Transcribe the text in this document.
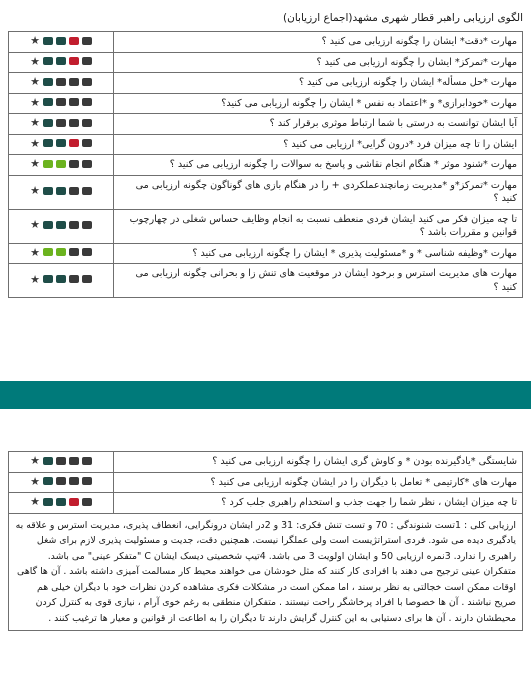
الگوی ارزیابی راهبر قطار شهری مشهد(اجماع ارزیابان)
مهارت *دقت* ایشان را چگونه ارزیابی می کنید ؟	★

مهارت *تمرکز* ایشان را چگونه ارزیابی می کنید ؟	★

مهارت *حل مسأله* ایشان را چگونه ارزیابی می کنید ؟	★

مهارت *خودابرازی* و *اعتماد به نفس * ایشان را چگونه ارزیابی می کنید؟	★

آیا ایشان توانست به درستی با شما ارتباط موثری برقرار کند ؟	★

ایشان را تا چه میزان فرد *درون گرایی* ارزیابی می کنید ؟	★

مهارت *شنود موثر * هنگام انجام نقاشی و پاسخ به سوالات را چگونه ارزیابی می کنید ؟	★

مهارت *تمرکز*و *مدیریت زمانچندعملکردی + را در هنگام بازی های گوناگون چگونه ارزیابی می کنید ؟	★

تا چه میزان فکر می کنید ایشان فردی منعطف نسبت به انجام وظایف حساس شغلی در چهارچوب قوانین و مقررات باشد ؟	★

مهارت *وظیفه شناسی * و *مسئولیت پذیری * ایشان را چگونه ارزیابی می کنید ؟	★

مهارت های مدیریت استرس و برخود ایشان در موقعیت های تنش زا و بحرانی چگونه ارزیابی می کنید ؟	★
شایستگی *یادگیرنده بودن * و کاوش گری ایشان را چگونه ارزیابی می کنید ؟	★

مهارت های *کارتیمی * تعامل با دیگران را در ایشان چگونه ارزیابی می کنید ؟	★

تا چه میزان ایشان ، نظر شما را جهت جذب و استخدام راهبری جلب کرد ؟	★

ارزیابی کلی : 1تست شنوندگی : 70 و تست تنش فکری: 31 و 2در ایشان درونگرایی، انعطاف پذیری، مدیریت استرس و علاقه به یادگیری دیده می شود. فردی استراتژیست است ولی عملگرا نیست. همچنین دقت، جدیت و مسئولیت پذیری لازم برای شغل راهبری را ندارد. 3نمره ارزیابی 50 و ایشان اولویت 3 می باشد. 4تیپ شخصیتی دیسک ایشان C "متفکر عینی" می باشد. متفکران عینی ترجیح می دهند با افرادی کار کنند که مثل خودشان می خواهند محیط کار مسالمت آمیزی داشته باشد . آن ها گاهی اوقات ممکن است خجالتی به نظر برسند ، اما ممکن است در مشکلات فکری مشاهده کردن نظرات خود با دیگران خیلی هم صریح نباشند . آن ها خصوصا با افراد پرخاشگر راحت نیستند . متفکران منطقی به رغم خوی آرام ، نیازی قوی به کنترل کردن محیطشان دارند . آن ها برای دستیابی به این کنترل گرایش دارند تا دیگران را به اطاعت از قوانین و معیار ها ترغیب کنند .	
